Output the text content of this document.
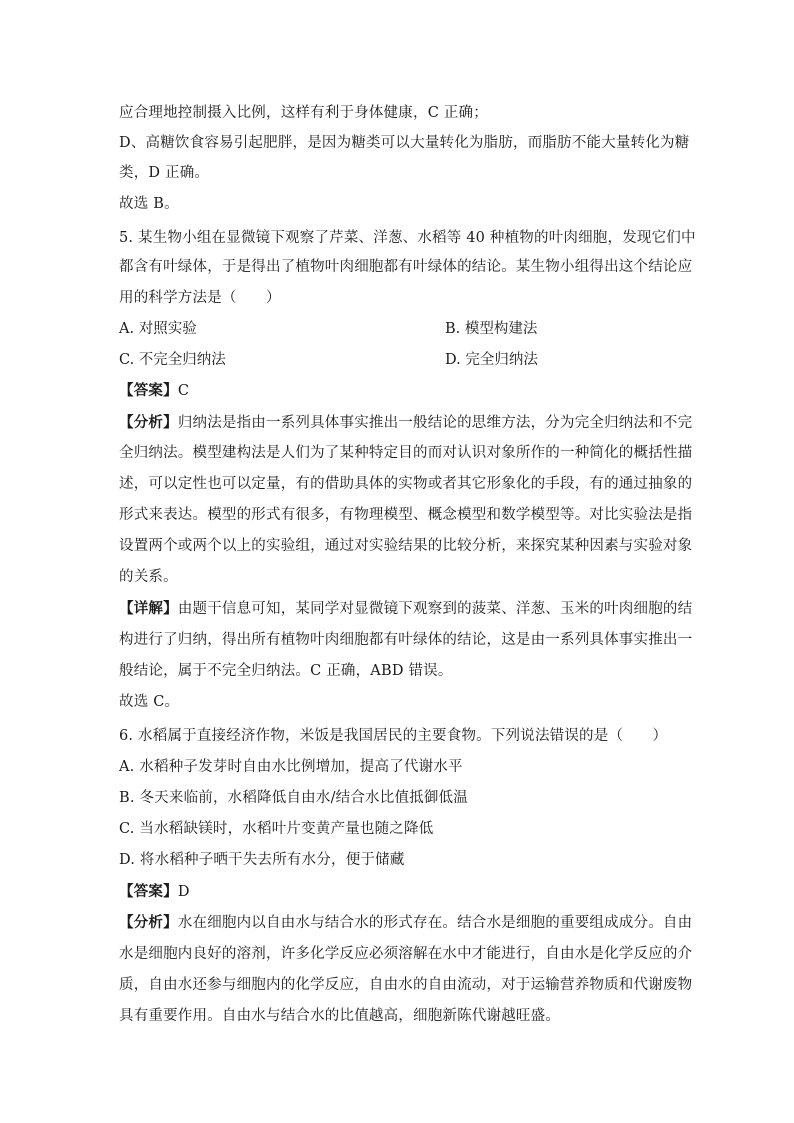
应合理地控制摄入比例，这样有利于身体健康，C 正确；
D、高糖饮食容易引起肥胖，是因为糖类可以大量转化为脂肪，而脂肪不能大量转化为糖
类，D 正确。
故选 B。
5. 某生物小组在显微镜下观察了芹菜、洋葱、水稻等 40 种植物的叶肉细胞，发现它们中
都含有叶绿体，于是得出了植物叶肉细胞都有叶绿体的结论。某生物小组得出这个结论应
用的科学方法是（　　）
A. 对照实验	B. 模型构建法
C. 不完全归纳法	D. 完全归纳法
【答案】C
【分析】归纳法是指由一系列具体事实推出一般结论的思维方法，分为完全归纳法和不完
全归纳法。模型建构法是人们为了某种特定目的而对认识对象所作的一种简化的概括性描
述，可以定性也可以定量，有的借助具体的实物或者其它形象化的手段，有的通过抽象的
形式来表达。模型的形式有很多，有物理模型、概念模型和数学模型等。对比实验法是指
设置两个或两个以上的实验组，通过对实验结果的比较分析，来探究某种因素与实验对象
的关系。
【详解】由题干信息可知，某同学对显微镜下观察到的菠菜、洋葱、玉米的叶肉细胞的结
构进行了归纳，得出所有植物叶肉细胞都有叶绿体的结论，这是由一系列具体事实推出一
般结论，属于不完全归纳法。C 正确，ABD 错误。
故选 C。
6. 水稻属于直接经济作物，米饭是我国居民的主要食物。下列说法错误的是（　　）
A. 水稻种子发芽时自由水比例增加，提高了代谢水平
B. 冬天来临前，水稻降低自由水/结合水比值抵御低温
C. 当水稻缺镁时，水稻叶片变黄产量也随之降低
D. 将水稻种子晒干失去所有水分，便于储藏
【答案】D
【分析】水在细胞内以自由水与结合水的形式存在。结合水是细胞的重要组成成分。自由
水是细胞内良好的溶剂，许多化学反应必须溶解在水中才能进行，自由水是化学反应的介
质，自由水还参与细胞内的化学反应，自由水的自由流动，对于运输营养物质和代谢废物
具有重要作用。自由水与结合水的比值越高，细胞新陈代谢越旺盛。
